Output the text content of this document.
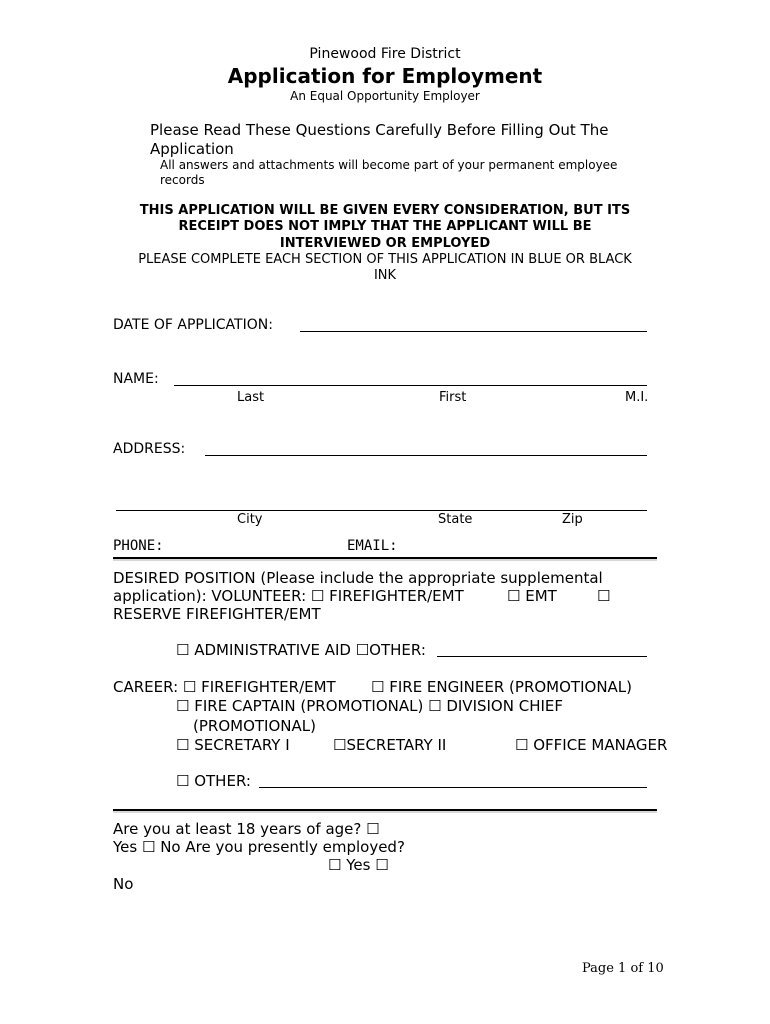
Pinewood Fire District
Application for Employment
An Equal Opportunity Employer
Please Read These Questions Carefully Before Filling Out The
Application
All answers and attachments will become part of your permanent employee
records
THIS APPLICATION WILL BE GIVEN EVERY CONSIDERATION, BUT ITS
RECEIPT DOES NOT IMPLY THAT THE APPLICANT WILL BE
INTERVIEWED OR EMPLOYED
PLEASE COMPLETE EACH SECTION OF THIS APPLICATION IN BLUE OR BLACK
INK
DATE OF APPLICATION:
NAME:
Last	First	M.I.
ADDRESS:
City	State	Zip
PHONE:	EMAIL:
DESIRED POSITION (Please include the appropriate supplemental
application): VOLUNTEER: ☐ FIREFIGHTER/EMT	☐ EMT	☐
RESERVE FIREFIGHTER/EMT
☐ ADMINISTRATIVE AID ☐OTHER:
CAREER: ☐ FIREFIGHTER/EMT ☐ FIRE ENGINEER (PROMOTIONAL)
☐ FIRE CAPTAIN (PROMOTIONAL) ☐ DIVISION CHIEF
(PROMOTIONAL)
☐ SECRETARY I	☐SECRETARY II	☐ OFFICE MANAGER
☐ OTHER:
Are you at least 18 years of age? ☐
Yes ☐ No Are you presently employed?
☐ Yes ☐
No
Page 1 of 10
